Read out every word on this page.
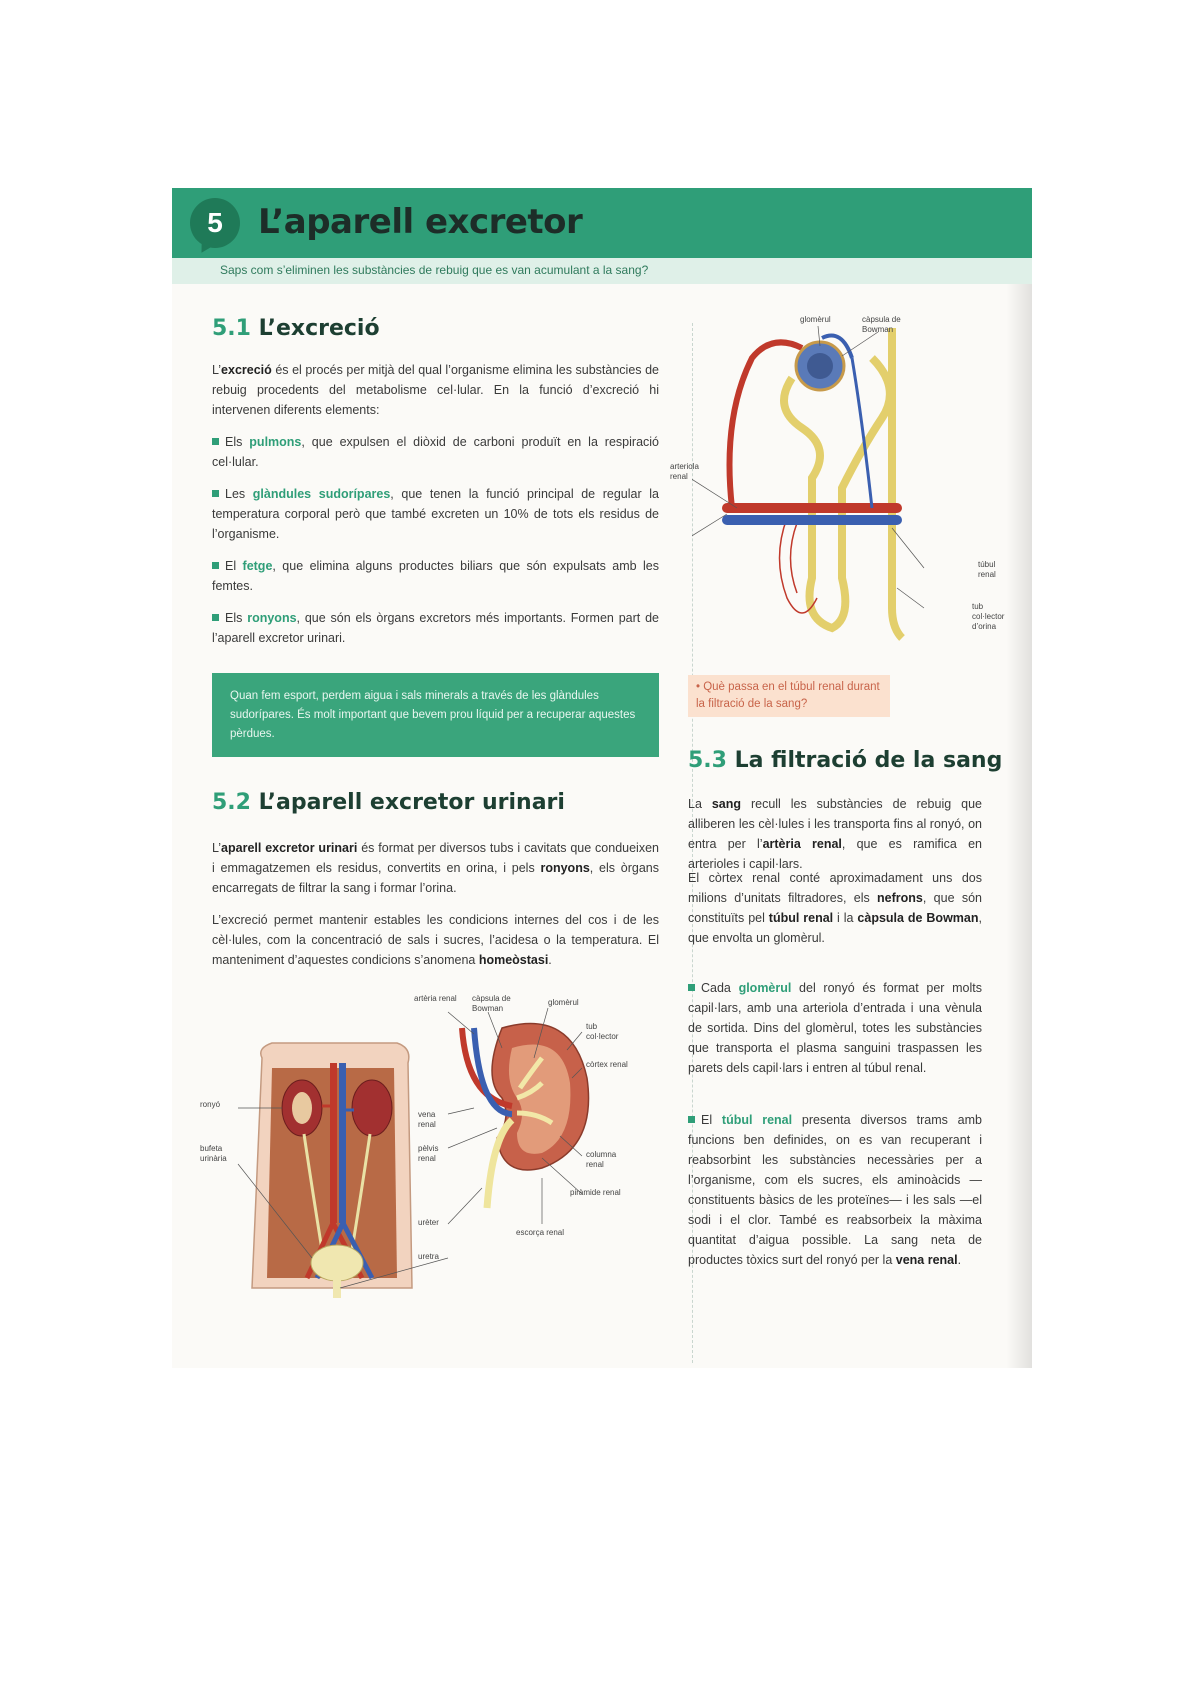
5	L’aparell excretor
Saps com s’eliminen les substàncies de rebuig que es van acumulant a la sang?
5.1 L’excreció

L’excreció és el procés per mitjà del qual l’organisme elimina les substàncies de rebuig procedents del metabolisme cel·lular. En la funció d’excreció hi intervenen diferents elements:

Els pulmons, que expulsen el diòxid de carboni produït en la respiració cel·lular.

Les glàndules sudorípares, que tenen la funció principal de regular la temperatura corporal però que també excreten un 10% de tots els residus de l’organisme.

El fetge, que elimina alguns productes biliars que són expulsats amb les femtes.

Els ronyons, que són els òrgans excretors més importants. Formen part de l’aparell excretor urinari.

Quan fem esport, perdem aigua i sals minerals a través de les glàndules sudorípares. És molt important que bevem prou líquid per a recuperar aquestes pèrdues.

5.2 L’aparell excretor urinari

L’aparell excretor urinari és format per diversos tubs i cavitats que condueixen i emmagatzemen els residus, convertits en orina, i pels ronyons, els òrgans encarregats de filtrar la sang i formar l’orina.

L’excreció permet mantenir estables les condicions internes del cos i de les cèl·lules, com la concentració de sals i sucres, l’acidesa o la temperatura. El manteniment d’aquestes condicions s’anomena homeòstasi.

ronyó
bufeta urinària
artèria renal càpsula de Bowman
glomèrul
tub col·lector
còrtex renal
vena renal
pèlvis renal	columna renal
piràmide renal
urèter
escorça renal
uretra
glomèrul	càpsula de Bowman
arteriola renal
túbul renal
tub col·lector d’orina

• Què passa en el túbul renal durant la filtració de la sang?

5.3 La filtració de la sang

La sang recull les substàncies de rebuig que alliberen les cèl·lules i les transporta fins al ronyó, on entra per l’artèria renal, que es ramifica en arterioles i capil·lars.

El còrtex renal conté aproximadament uns dos milions d’unitats filtradores, els nefrons, que són constituïts pel túbul renal i la càpsula de Bowman, que envolta un glomèrul.

Cada glomèrul del ronyó és format per molts capil·lars, amb una arteriola d’entrada i una vènula de sortida. Dins del glomèrul, totes les substàncies que transporta el plasma sanguini traspassen les parets dels capil·lars i entren al túbul renal.

El túbul renal presenta diversos trams amb funcions ben definides, on es van recuperant i reabsorbint les substàncies necessàries per a l’organisme, com els sucres, els aminoàcids —constituents bàsics de les proteïnes— i les sals —el sodi i el clor. També es reabsorbeix la màxima quantitat d’aigua possible. La sang neta de productes tòxics surt del ronyó per la vena renal.
